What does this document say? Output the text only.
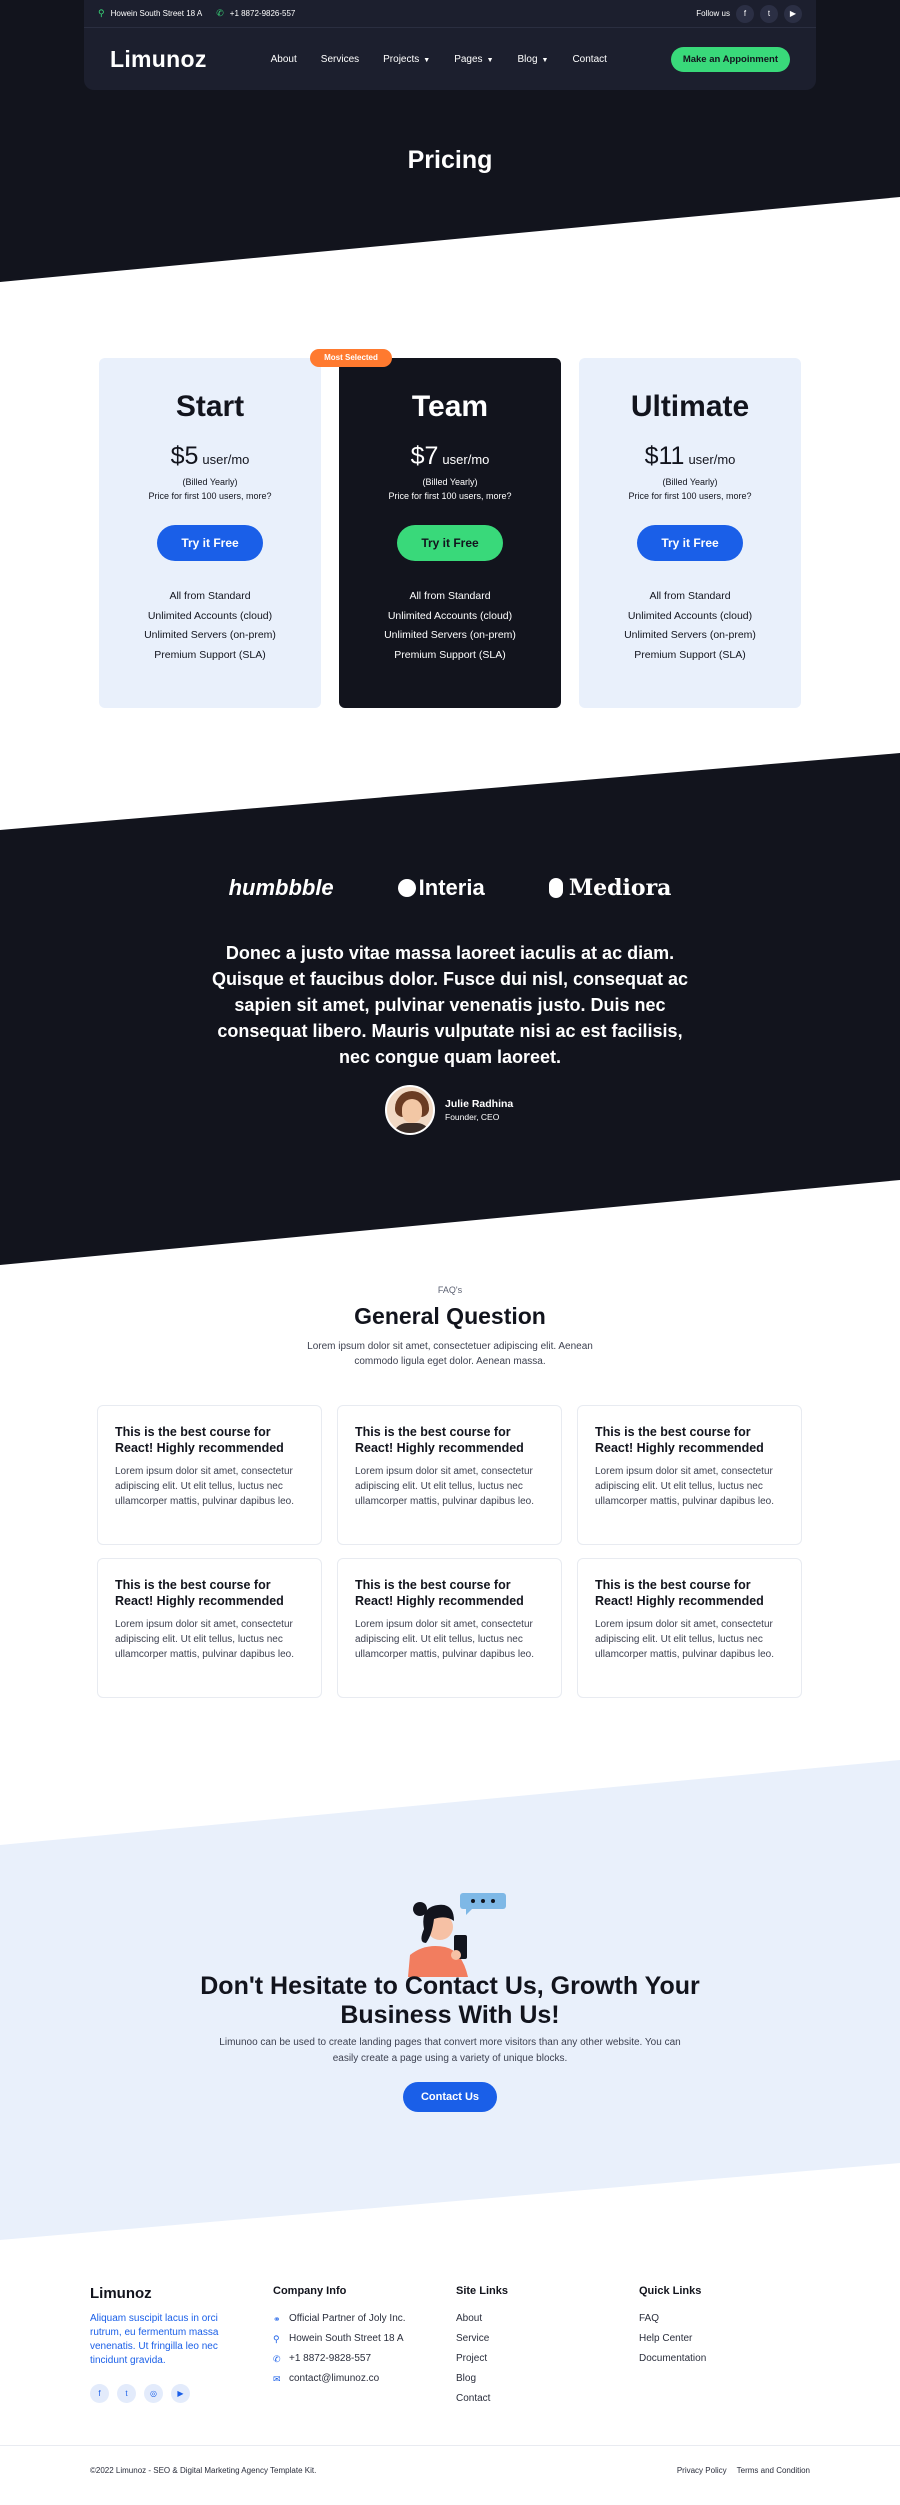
⚲ Howein South Street 18 A ✆ +1 8872-9826-557	Follow us	f	t	▶
Limunoz	About Services Projects ▼ Pages ▼ Blog ▼ Contact	Make an Appoinment
Pricing
Most Selected
Start
$5 user/mo
(Billed Yearly)
Price for first 100 users, more?
Try it Free
All from Standard
Unlimited Accounts (cloud)
Unlimited Servers (on-prem)
Premium Support (SLA)
Team
$7 user/mo
(Billed Yearly)
Price for first 100 users, more?
Try it Free
All from Standard
Unlimited Accounts (cloud)
Unlimited Servers (on-prem)
Premium Support (SLA)
Ultimate
$11 user/mo
(Billed Yearly)
Price for first 100 users, more?
Try it Free
All from Standard
Unlimited Accounts (cloud)
Unlimited Servers (on-prem)
Premium Support (SLA)
humbbble	Interia	Mediora

Donec a justo vitae massa laoreet iaculis at ac diam. Quisque et faucibus dolor. Fusce dui nisl, consequat ac sapien sit amet, pulvinar venenatis justo. Duis nec consequat libero. Mauris vulputate nisi ac est facilisis, nec congue quam laoreet.

Julie Radhina
Founder, CEO
FAQ's
General Question

Lorem ipsum dolor sit amet, consectetuer adipiscing elit. Aenean commodo ligula eget dolor. Aenean massa.

This is the best course for React! Highly recommended
Lorem ipsum dolor sit amet, consectetur adipiscing elit. Ut elit tellus, luctus nec ullamcorper mattis, pulvinar dapibus leo.
This is the best course for React! Highly recommended
Lorem ipsum dolor sit amet, consectetur adipiscing elit. Ut elit tellus, luctus nec ullamcorper mattis, pulvinar dapibus leo.
This is the best course for React! Highly recommended
Lorem ipsum dolor sit amet, consectetur adipiscing elit. Ut elit tellus, luctus nec ullamcorper mattis, pulvinar dapibus leo.
This is the best course for React! Highly recommended
Lorem ipsum dolor sit amet, consectetur adipiscing elit. Ut elit tellus, luctus nec ullamcorper mattis, pulvinar dapibus leo.
This is the best course for React! Highly recommended
Lorem ipsum dolor sit amet, consectetur adipiscing elit. Ut elit tellus, luctus nec ullamcorper mattis, pulvinar dapibus leo.
This is the best course for React! Highly recommended
Lorem ipsum dolor sit amet, consectetur adipiscing elit. Ut elit tellus, luctus nec ullamcorper mattis, pulvinar dapibus leo.
Don't Hesitate to Contact Us, Growth Your Business With Us!

Limunoo can be used to create landing pages that convert more visitors than any other website. You can easily create a page using a variety of unique blocks.

Contact Us
Limunoz

Aliquam suscipit lacus in orci rutrum, eu fermentum massa venenatis. Ut fringilla leo nec tincidunt gravida.

f	t	◎	▶
Company Info
⚭ Official Partner of Joly Inc.
⚲ Howein South Street 18 A
✆ +1 8872-9828-557
✉ contact@limunoz.co
Site Links
About
Service
Project
Blog
Contact
Quick Links
FAQ
Help Center
Documentation
©2022 Limunoz - SEO & Digital Marketing Agency Template Kit.	Privacy Policy Terms and Condition
